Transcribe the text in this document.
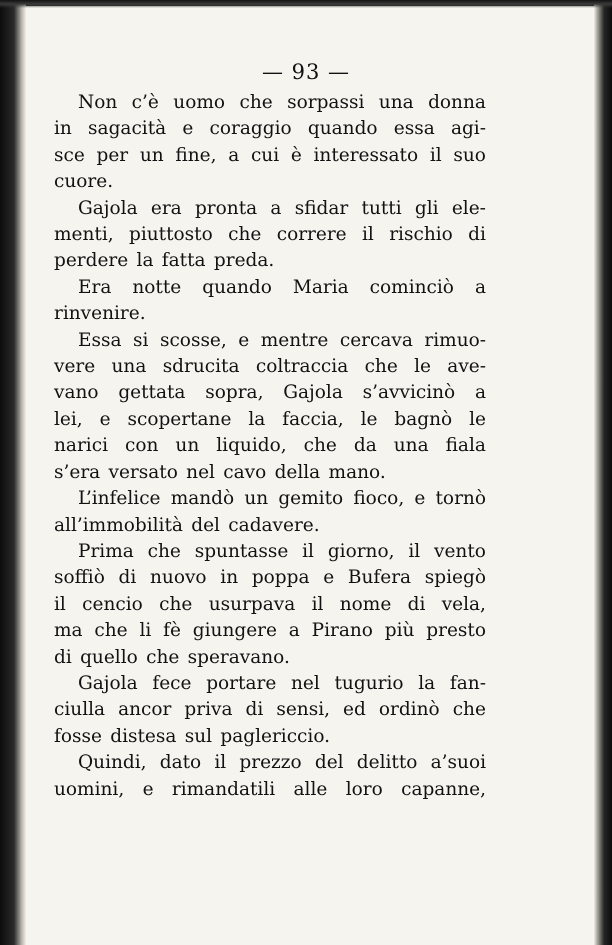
— 93 —
Non c’è uomo che sorpassi una donna
in sagacità e coraggio quando essa agi-
sce per un fine, a cui è interessato il suo
cuore.
Gajola era pronta a sfidar tutti gli ele-
menti, piuttosto che correre il rischio di
perdere la fatta preda.
Era notte quando Maria cominciò a
rinvenire.
Essa si scosse, e mentre cercava rimuo-
vere una sdrucita coltraccia che le ave-
vano gettata sopra, Gajola s’avvicinò a
lei, e scopertane la faccia, le bagnò le
narici con un liquido, che da una fiala
s’era versato nel cavo della mano.
L’infelice mandò un gemito fioco, e tornò
all’immobilità del cadavere.
Prima che spuntasse il giorno, il vento
soffiò di nuovo in poppa e Bufera spiegò
il cencio che usurpava il nome di vela,
ma che li fè giungere a Pirano più presto
di quello che speravano.
Gajola fece portare nel tugurio la fan-
ciulla ancor priva di sensi, ed ordinò che
fosse distesa sul paglericcio.
Quindi, dato il prezzo del delitto a’suoi
uomini, e rimandatili alle loro capanne,
